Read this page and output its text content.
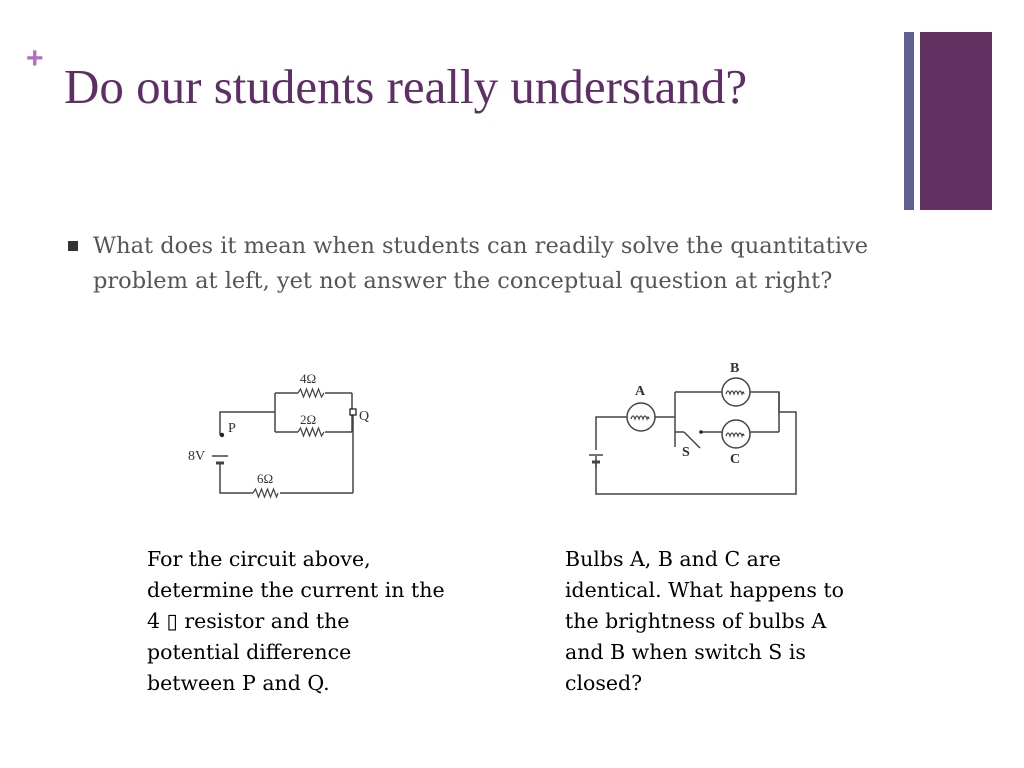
+
Do our students really understand?
What does it mean when students can readily solve the quantitative problem at left, yet not answer the conceptual question at right?
4Ω
2Ω
6Ω
8V
P
Q
A
B
C
S
For the circuit above,
determine the current in the
4 ▯ resistor and the
potential difference
between P and Q.
Bulbs A, B and C are
identical. What happens to
the brightness of bulbs A
and B when switch S is
closed?
